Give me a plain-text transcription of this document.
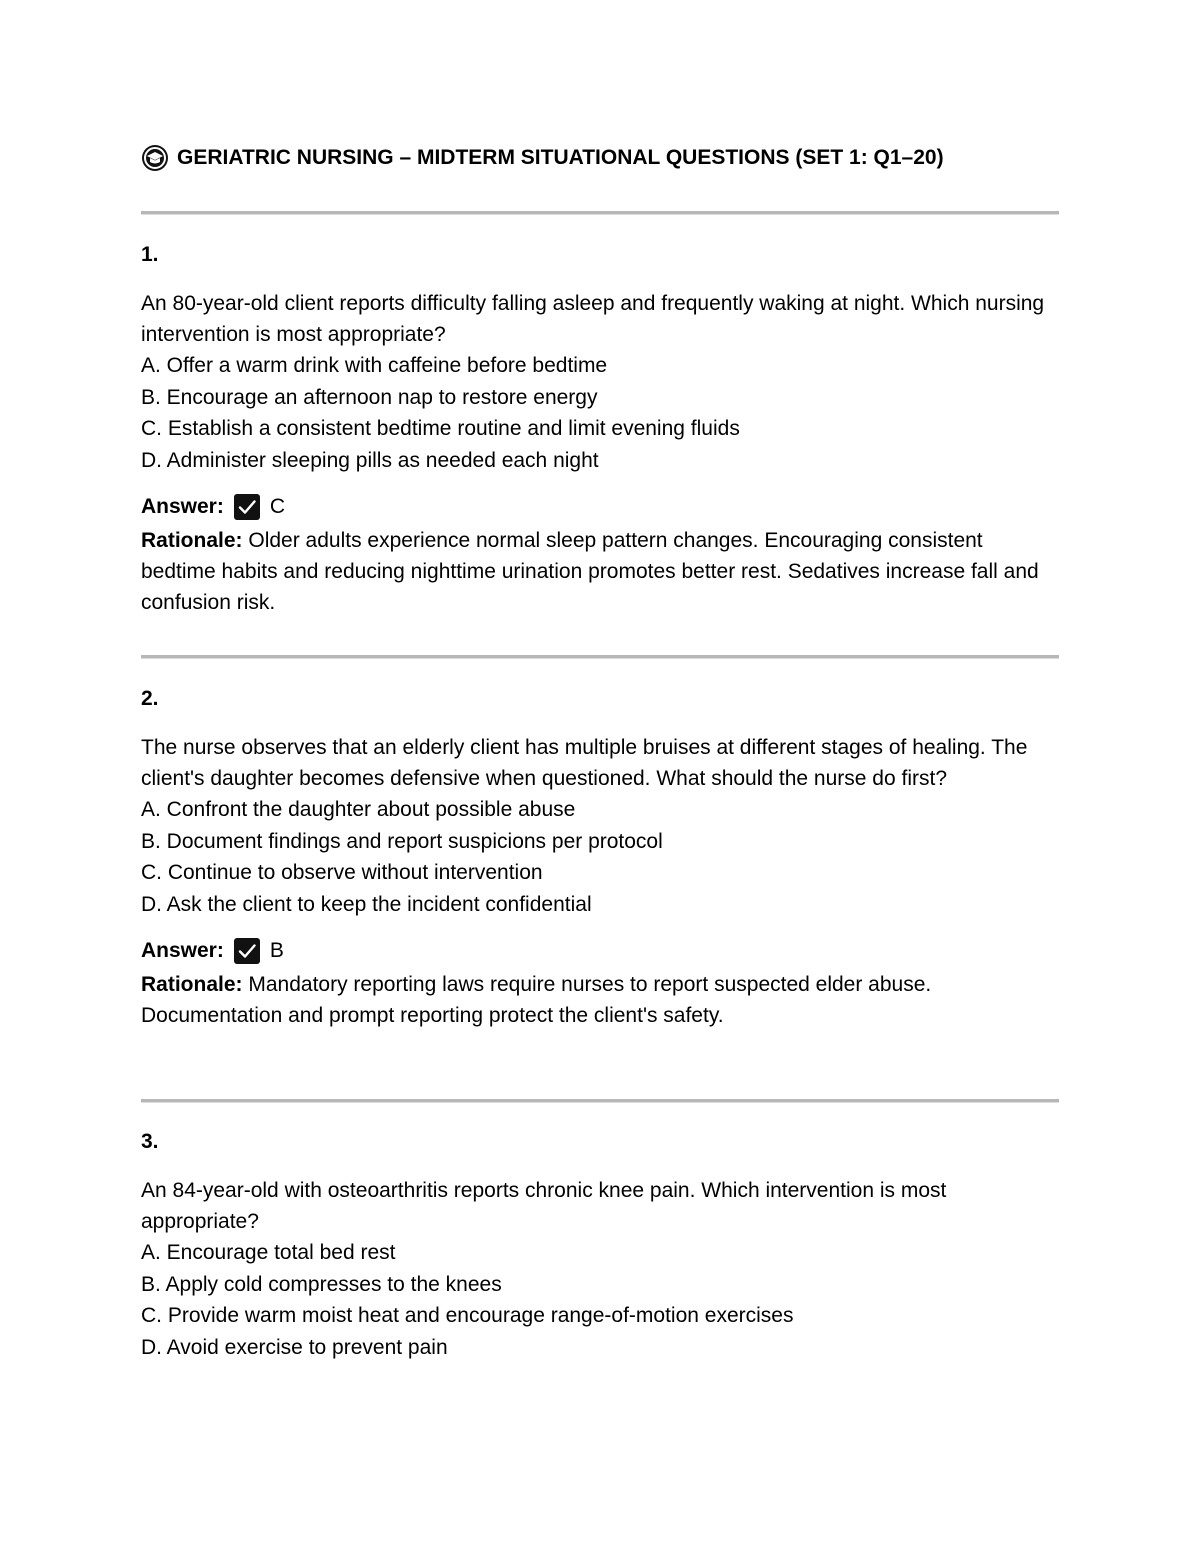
GERIATRIC NURSING – MIDTERM SITUATIONAL QUESTIONS (SET 1: Q1–20)

1.

An 80-year-old client reports difficulty falling asleep and frequently waking at night. Which nursing intervention is most appropriate?

A. Offer a warm drink with caffeine before bedtime

B. Encourage an afternoon nap to restore energy

C. Establish a consistent bedtime routine and limit evening fluids

D. Administer sleeping pills as needed each night

Answer: C

Rationale: Older adults experience normal sleep pattern changes. Encouraging consistent bedtime habits and reducing nighttime urination promotes better rest. Sedatives increase fall and confusion risk.

2.

The nurse observes that an elderly client has multiple bruises at different stages of healing. The client's daughter becomes defensive when questioned. What should the nurse do first?

A. Confront the daughter about possible abuse

B. Document findings and report suspicions per protocol

C. Continue to observe without intervention

D. Ask the client to keep the incident confidential

Answer: B

Rationale: Mandatory reporting laws require nurses to report suspected elder abuse. Documentation and prompt reporting protect the client's safety.

3.

An 84-year-old with osteoarthritis reports chronic knee pain. Which intervention is most appropriate?

A. Encourage total bed rest

B. Apply cold compresses to the knees

C. Provide warm moist heat and encourage range-of-motion exercises

D. Avoid exercise to prevent pain
